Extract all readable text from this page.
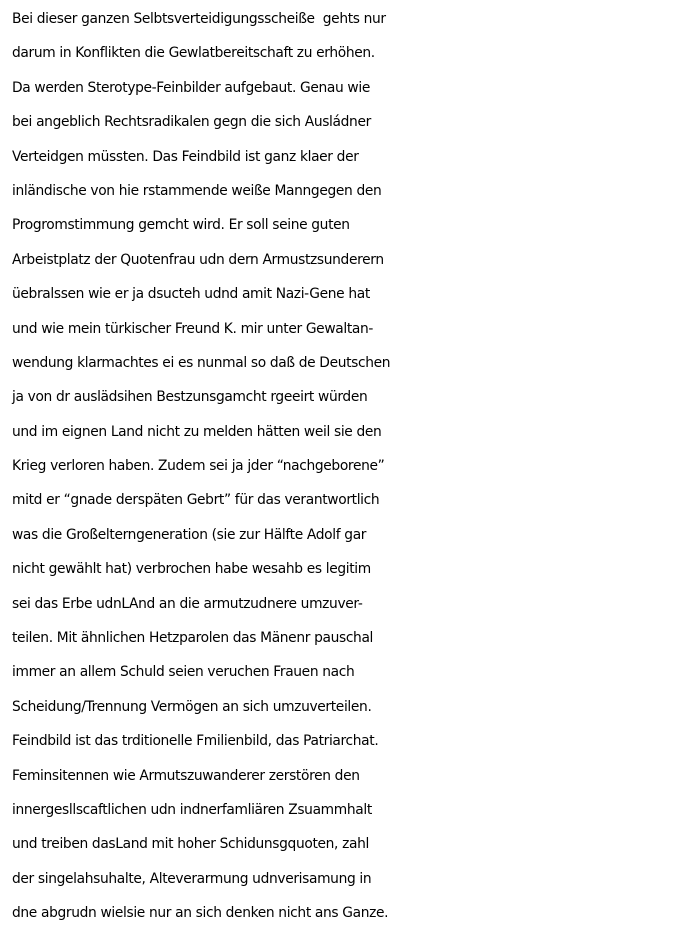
Bei dieser ganzen Selbtsverteidigungsscheiße  gehts nur
darum in Konflikten die Gewlatbereitschaft zu erhöhen.
Da werden Sterotype-Feinbilder aufgebaut. Genau wie
bei angeblich Rechtsradikalen gegn die sich Ausládner
Verteidgen müssten. Das Feindbild ist ganz klaer der
inländische von hie rstammende weiße Manngegen den
Progromstimmung gemcht wird. Er soll seine guten
Arbeistplatz der Quotenfrau udn dern Armustzsunderern
üebralssen wie er ja dsucteh udnd amit Nazi-Gene hat
und wie mein türkischer Freund K. mir unter Gewaltan-
wendung klarmachtes ei es nunmal so daß de Deutschen
ja von dr auslädsihen Bestzunsgamcht rgeeirt würden
und im eignen Land nicht zu melden hätten weil sie den
Krieg verloren haben. Zudem sei ja jder “nachgeborene”
mitd er “gnade derspäten Gebrt” für das verantwortlich
was die Großelterngeneration (sie zur Hälfte Adolf gar
nicht gewählt hat) verbrochen habe wesahb es legitim
sei das Erbe udnLAnd an die armutzudnere umzuver-
teilen. Mit ähnlichen Hetzparolen das Mänenr pauschal
immer an allem Schuld seien veruchen Frauen nach
Scheidung/Trennung Vermögen an sich umzuverteilen.
Feindbild ist das trditionelle Fmilienbild, das Patriarchat.
Feminsitennen wie Armutszuwanderer zerstören den
innergesllscaftlichen udn indnerfamliären Zsuammhalt
und treiben dasLand mit hoher Schidunsgquoten, zahl
der singelahsuhalte, Alteverarmung udnverisamung in
dne abgrudn wielsie nur an sich denken nicht ans Ganze.
